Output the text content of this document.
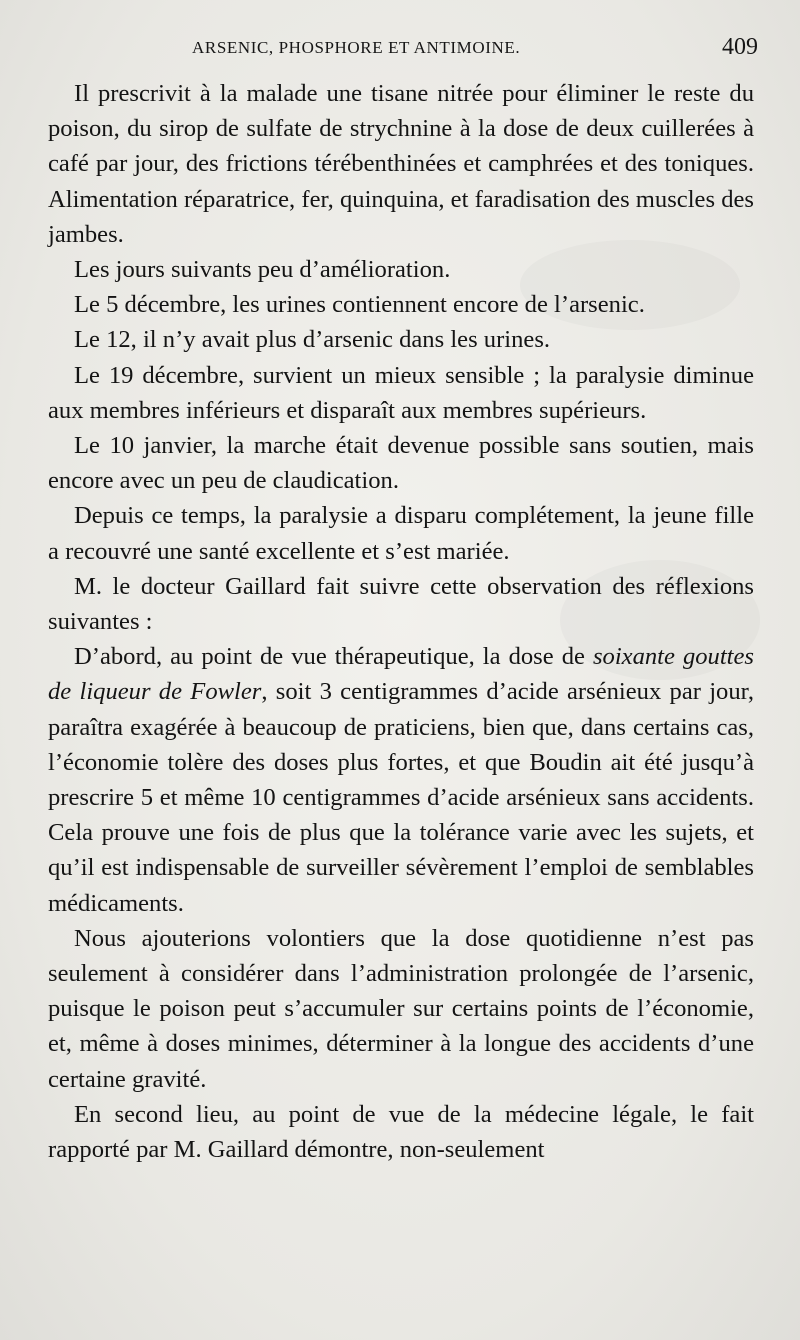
ARSENIC, PHOSPHORE ET ANTIMOINE.	409

Il prescrivit à la malade une tisane nitrée pour éliminer le reste du poison, du sirop de sulfate de strychnine à la dose de deux cuillerées à café par jour, des frictions térébenthinées et camphrées et des toniques. Alimentation réparatrice, fer, quinquina, et faradisation des muscles des jambes.

Les jours suivants peu d’amélioration.

Le 5 décembre, les urines contiennent encore de l’arsenic.

Le 12, il n’y avait plus d’arsenic dans les urines.

Le 19 décembre, survient un mieux sensible ; la paralysie diminue aux membres inférieurs et disparaît aux membres supérieurs.

Le 10 janvier, la marche était devenue possible sans soutien, mais encore avec un peu de claudication.

Depuis ce temps, la paralysie a disparu complétement, la jeune fille a recouvré une santé excellente et s’est mariée.

M. le docteur Gaillard fait suivre cette observation des réflexions suivantes :

D’abord, au point de vue thérapeutique, la dose de soixante gouttes de liqueur de Fowler, soit 3 centigrammes d’acide arsénieux par jour, paraîtra exagérée à beaucoup de praticiens, bien que, dans certains cas, l’économie tolère des doses plus fortes, et que Boudin ait été jusqu’à prescrire 5 et même 10 centigrammes d’acide arsénieux sans accidents. Cela prouve une fois de plus que la tolérance varie avec les sujets, et qu’il est indispensable de surveiller sévèrement l’emploi de semblables médicaments.

Nous ajouterions volontiers que la dose quotidienne n’est pas seulement à considérer dans l’administration prolongée de l’arsenic, puisque le poison peut s’accumuler sur certains points de l’économie, et, même à doses minimes, déterminer à la longue des accidents d’une certaine gravité.

En second lieu, au point de vue de la médecine légale, le fait rapporté par M. Gaillard démontre, non-seulement
